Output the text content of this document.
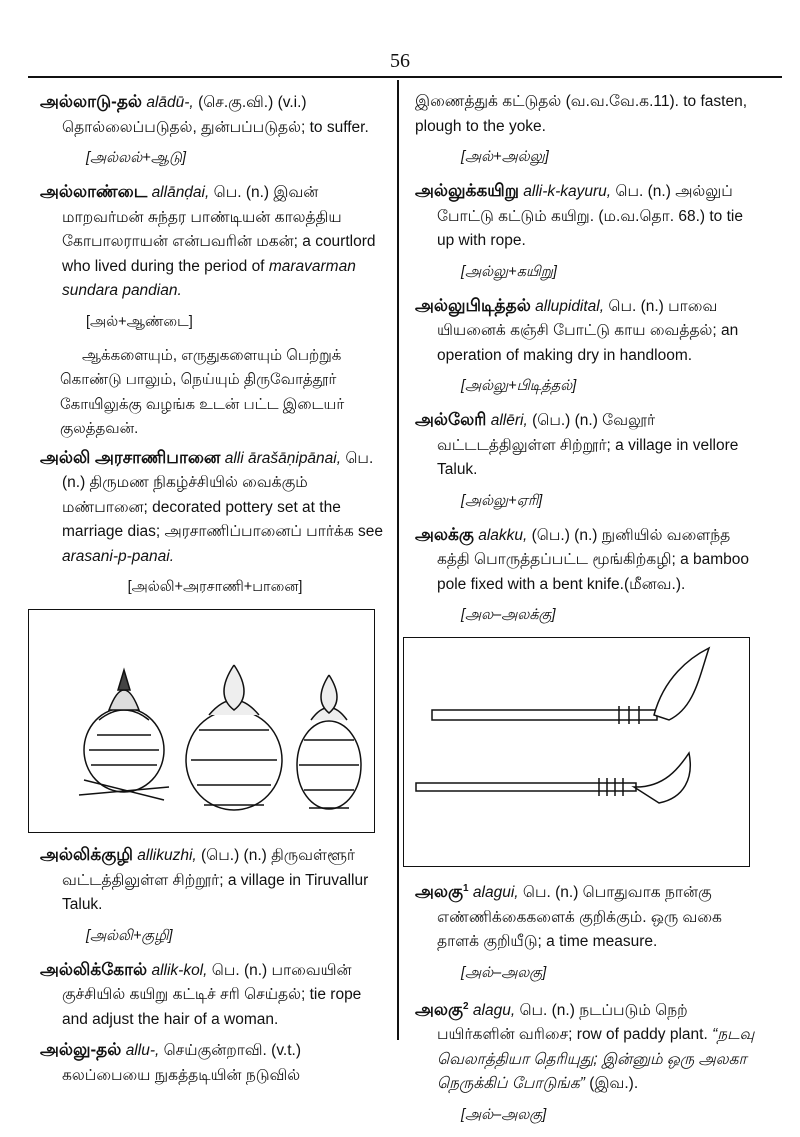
56
அல்லாடு-தல் alādū-, (செ.கு.வி.) (v.i.) தொல்லைப்படுதல், துன்பப்படுதல்; to suffer.
[அல்லல்+ஆடு]
அல்லாண்டை allānḍai, பெ. (n.) இவன் மாறவர்மன் சுந்தர பாண்டியன் காலத்திய கோபாலராயன் என்பவரின் மகன்; a courtlord who lived during the period of maravarman sundara pandian.
[அல்+ஆண்டை]
ஆக்களையும், எருதுகளையும் பெற்றுக் கொண்டு பாலும், நெய்யும் திருவோத்தூர் கோயிலுக்கு வழங்க உடன் பட்ட இடையர் குலத்தவன்.
அல்லி அரசாணிபானை alli ārašāṇipānai, பெ. (n.) திருமண நிகழ்ச்சியில் வைக்கும் மண்பானை; decorated pottery set at the marriage dias; அரசாணிப்பானைப் பார்க்க see arasani-p-panai.
[அல்லி+அரசாணி+பானை]
அல்லிக்குழி allikuzhi, (பெ.) (n.) திருவள்ளூர் வட்டத்திலுள்ள சிற்றூர்; a village in Tiruvallur Taluk.
[அல்லி+குழி]
அல்லிக்கோல் allik-kol, பெ. (n.) பாவையின் குச்சியில் கயிறு கட்டிச் சரி செய்தல்; tie rope and adjust the hair of a woman.
அல்லு-தல் allu-, செய்குன்றாவி. (v.t.) கலப்பையை நுகத்தடியின் நடுவில்
இணைத்துக் கட்டுதல் (வ.வ.வே.க.11). to fasten, plough to the yoke.
[அல்+அல்லு]
அல்லுக்கயிறு alli-k-kayuru, பெ. (n.) அல்லுப் போட்டு கட்டும் கயிறு. (ம.வ.தொ. 68.) to tie up with rope.
[அல்லு+கயிறு]
அல்லுபிடித்தல் allupidital, பெ. (n.) பாவை யியனைக் கஞ்சி போட்டு காய வைத்தல்; an operation of making dry in handloom.
[அல்லு+பிடித்தல்]
அல்லேரி allēri, (பெ.) (n.) வேலூர் வட்டடத்திலுள்ள சிற்றூர்; a village in vellore Taluk.
[அல்லு+ஏரி]
அலக்கு alakku, (பெ.) (n.) நுனியில் வளைந்த கத்தி பொருத்தப்பட்ட மூங்கிற்கழி; a bamboo pole fixed with a bent knife.(மீனவ.).
[அல–அலக்கு]
அலகு$^1$ alagui, பெ. (n.) பொதுவாக நான்கு எண்ணிக்கைகளைக் குறிக்கும். ஒரு வகை தாளக் குறியீடு; a time measure.
[அல்–அலகு]
அலகு$^2$ alagu, பெ. (n.) நடப்படும் நெற் பயிர்களின் வரிசை; row of paddy plant. “நடவு வெலாத்தியா தெரியுது; இன்னும் ஒரு அலகா நெருக்கிப் போடுங்க” (இவ.).
[அல்–அலகு]
